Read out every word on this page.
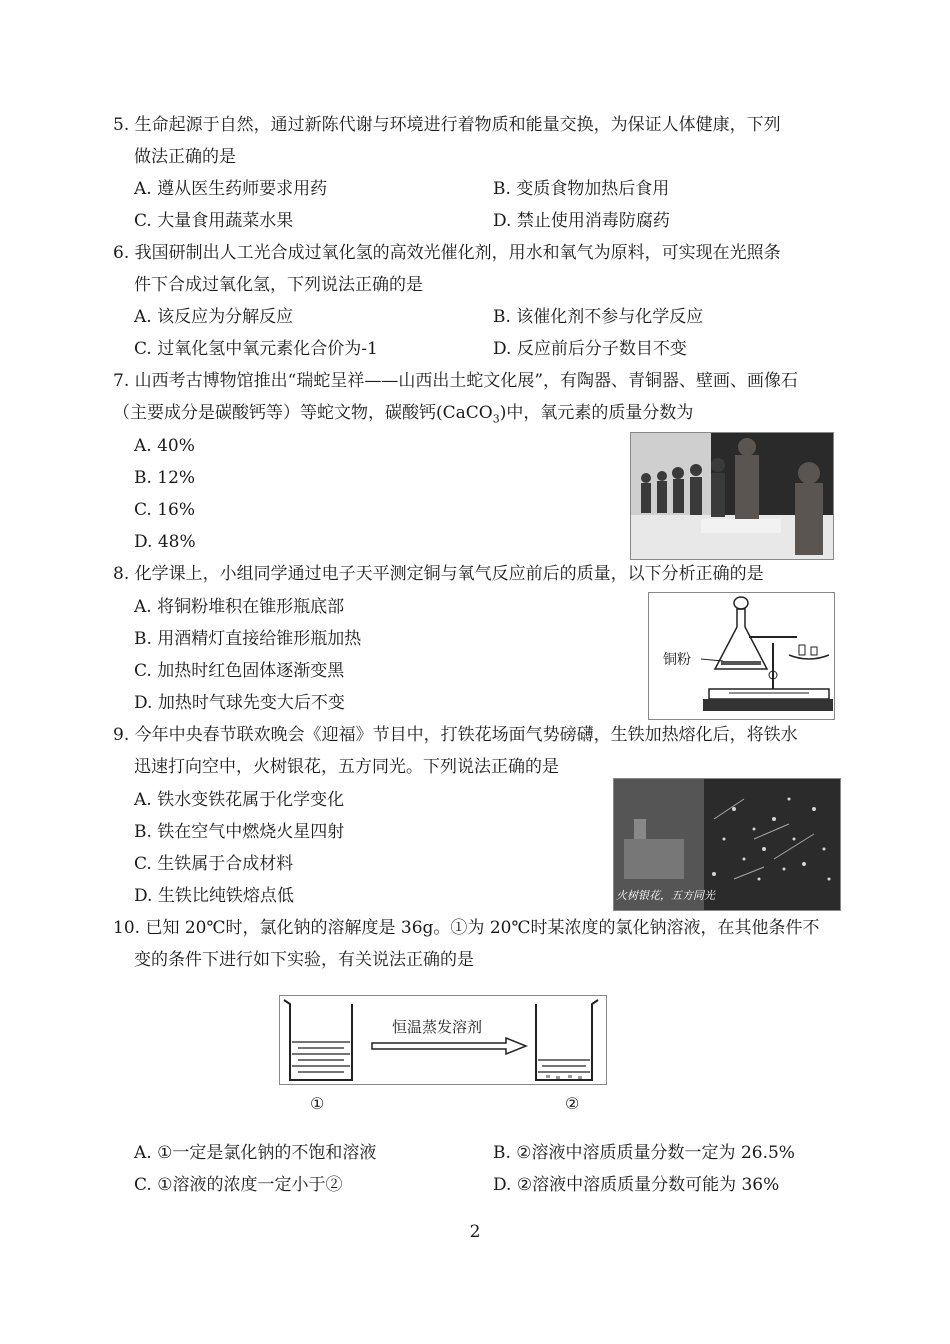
5. 生命起源于自然，通过新陈代谢与环境进行着物质和能量交换，为保证人体健康，下列
做法正确的是
A. 遵从医生药师要求用药	B. 变质食物加热后食用
C. 大量食用蔬菜水果	D. 禁止使用消毒防腐药
6. 我国研制出人工光合成过氧化氢的高效光催化剂，用水和氧气为原料，可实现在光照条
件下合成过氧化氢，下列说法正确的是
A. 该反应为分解反应	B. 该催化剂不参与化学反应
C. 过氧化氢中氧元素化合价为-1	D. 反应前后分子数目不变
7. 山西考古博物馆推出“瑞蛇呈祥——山西出土蛇文化展”，有陶器、青铜器、壁画、画像石
（主要成分是碳酸钙等）等蛇文物，碳酸钙(CaCO$_3$)中，氧元素的质量分数为
A. 40%
B. 12%
C. 16%
D. 48%
8. 化学课上，小组同学通过电子天平测定铜与氧气反应前后的质量，以下分析正确的是
A. 将铜粉堆积在锥形瓶底部
B. 用酒精灯直接给锥形瓶加热
C. 加热时红色固体逐渐变黑
D. 加热时气球先变大后不变
铜粉
9. 今年中央春节联欢晚会《迎福》节目中，打铁花场面气势磅礴，生铁加热熔化后，将铁水
迅速打向空中，火树银花，五方同光。下列说法正确的是
A. 铁水变铁花属于化学变化
B. 铁在空气中燃烧火星四射
C. 生铁属于合成材料
D. 生铁比纯铁熔点低	火树银花，五方同光
10. 已知 20℃时，氯化钠的溶解度是 36g。①为 20℃时某浓度的氯化钠溶液，在其他条件不
变的条件下进行如下实验，有关说法正确的是
恒温蒸发溶剂
①	②
A. ①一定是氯化钠的不饱和溶液	B. ②溶液中溶质质量分数一定为 26.5%
C. ①溶液的浓度一定小于②	D. ②溶液中溶质质量分数可能为 36%
2
